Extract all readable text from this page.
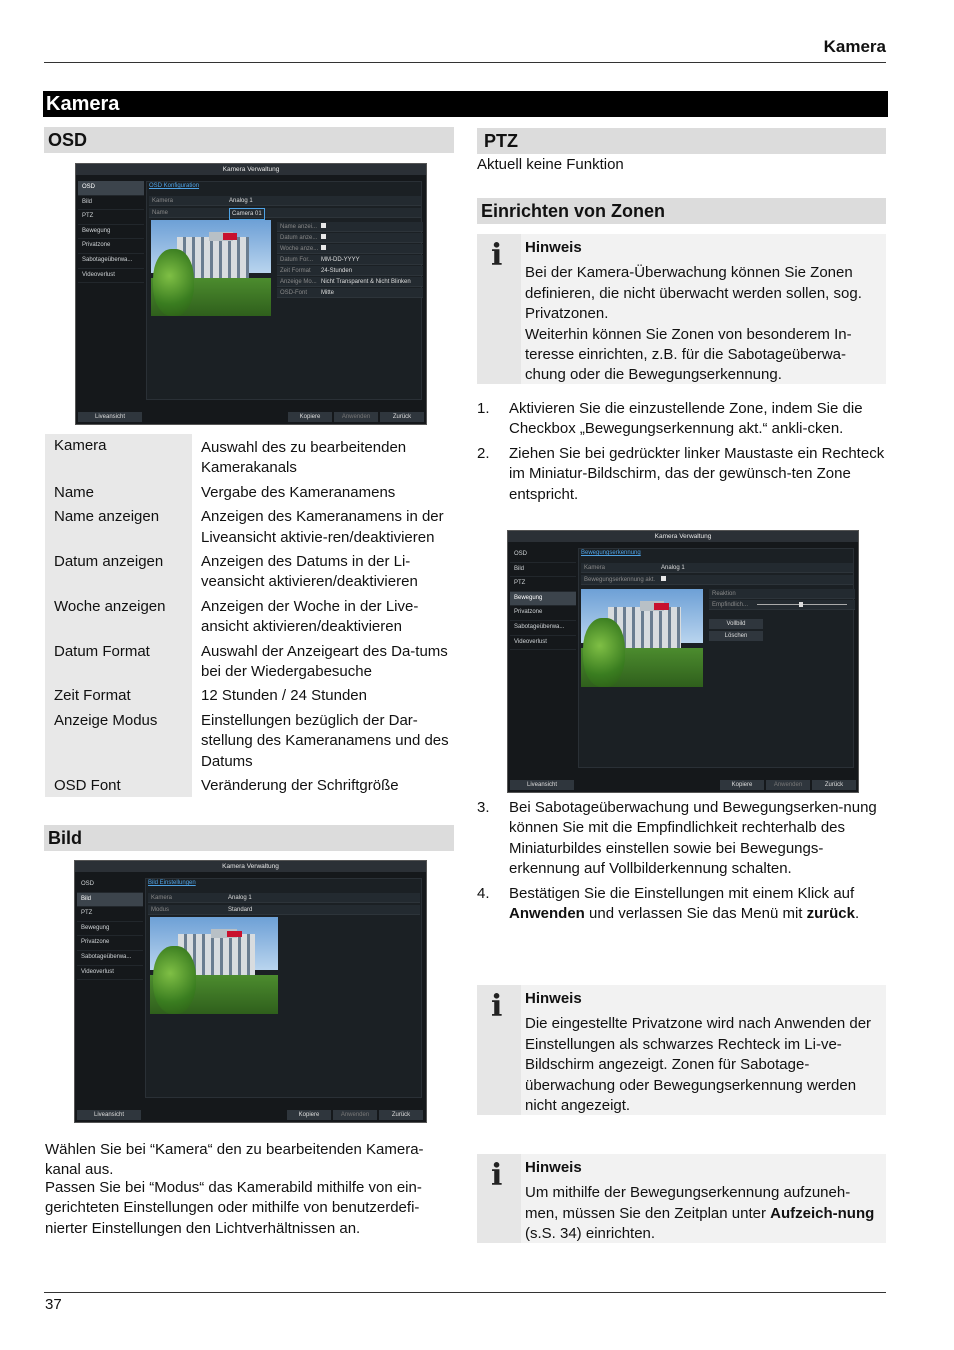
Kamera
Kamera
OSD
Kamera Verwaltung
OSD
Bild
PTZ
Bewegung
Privatzone
Sabotageüberwa...
Videoverlust
OSD Konfiguration
Kamera	Analog 1
Name	Camera 01
Name anzei...
Datum anze...
Woche anze...
Datum For... MM-DD-YYYY
Zeit Format 24-Stunden
Anzeige Mo... Nicht Transparent & Nicht Blinken
OSD-Font Mitte
Liveansicht	Kopiere	Anwenden	Zurück
Kamera	Auswahl des zu bearbeitenden Kamerakanals
Name	Vergabe des Kameranamens
Name anzeigen	Anzeigen des Kameranamens in der Liveansicht aktivie-ren/deaktivieren
Datum anzeigen	Anzeigen des Datums in der Li-veansicht aktivieren/deaktivieren
Woche anzeigen	Anzeigen der Woche in der Live-ansicht aktivieren/deaktivieren
Datum Format	Auswahl der Anzeigeart des Da-tums bei der Wiedergabesuche
Zeit Format	12 Stunden / 24 Stunden
Anzeige Modus	Einstellungen bezüglich der Dar-stellung des Kameranamens und des Datums
OSD Font	Veränderung der Schriftgröße
Bild
Kamera Verwaltung
OSD
Bild
PTZ
Bewegung
Privatzone
Sabotageüberwa...
Videoverlust
Bild Einstellungen
Kamera	Analog 1
Modus	Standard
Liveansicht	Kopiere	Anwenden	Zurück
Wählen Sie bei “Kamera“ den zu bearbeitenden Kamera-kanal aus.
Passen Sie bei “Modus“ das Kamerabild mithilfe von ein-gerichteten Einstellungen oder mithilfe von benutzerdefi-nierter Einstellungen den Lichtverhältnissen an.
PTZ
Aktuell keine Funktion
Einrichten von Zonen
i Hinweis
Bei der Kamera-Überwachung können Sie Zonen definieren, die nicht überwacht werden sollen, sog. Privatzonen.
Weiterhin können Sie Zonen von besonderem In-teresse einrichten, z.B. für die Sabotageüberwa-chung oder die Bewegungserkennung.
1. Aktivieren Sie die einzustellende Zone, indem Sie die Checkbox „Bewegungserkennung akt.“ ankli-cken.
2. Ziehen Sie bei gedrückter linker Maustaste ein Rechteck im Miniatur-Bildschirm, das der gewünsch-ten Zone entspricht.
Kamera Verwaltung
OSD
Bild
PTZ
Bewegung
Privatzone
Sabotageüberwa...
Videoverlust
Bewegungserkennung
Kamera	Analog 1
Bewegungserkennung akt.
Reaktion
Empfindlich...
Vollbild
Löschen
Liveansicht	Kopiere	Anwenden	Zurück
3. Bei Sabotageüberwachung und Bewegungserken-nung können Sie mit die Empfindlichkeit rechterhalb des Miniaturbildes einstellen sowie bei Bewegungs-erkennung auf Vollbilderkennung schalten.
4. Bestätigen Sie die Einstellungen mit einem Klick auf Anwenden und verlassen Sie das Menü mit zurück.
i Hinweis
Die eingestellte Privatzone wird nach Anwenden der Einstellungen als schwarzes Rechteck im Li-ve-Bildschirm angezeigt. Zonen für Sabotage-überwachung oder Bewegungserkennung werden nicht angezeigt.
i Hinweis
Um mithilfe der Bewegungserkennung aufzuneh-men, müssen Sie den Zeitplan unter Aufzeich-nung (s.S. 34) einrichten.
37
